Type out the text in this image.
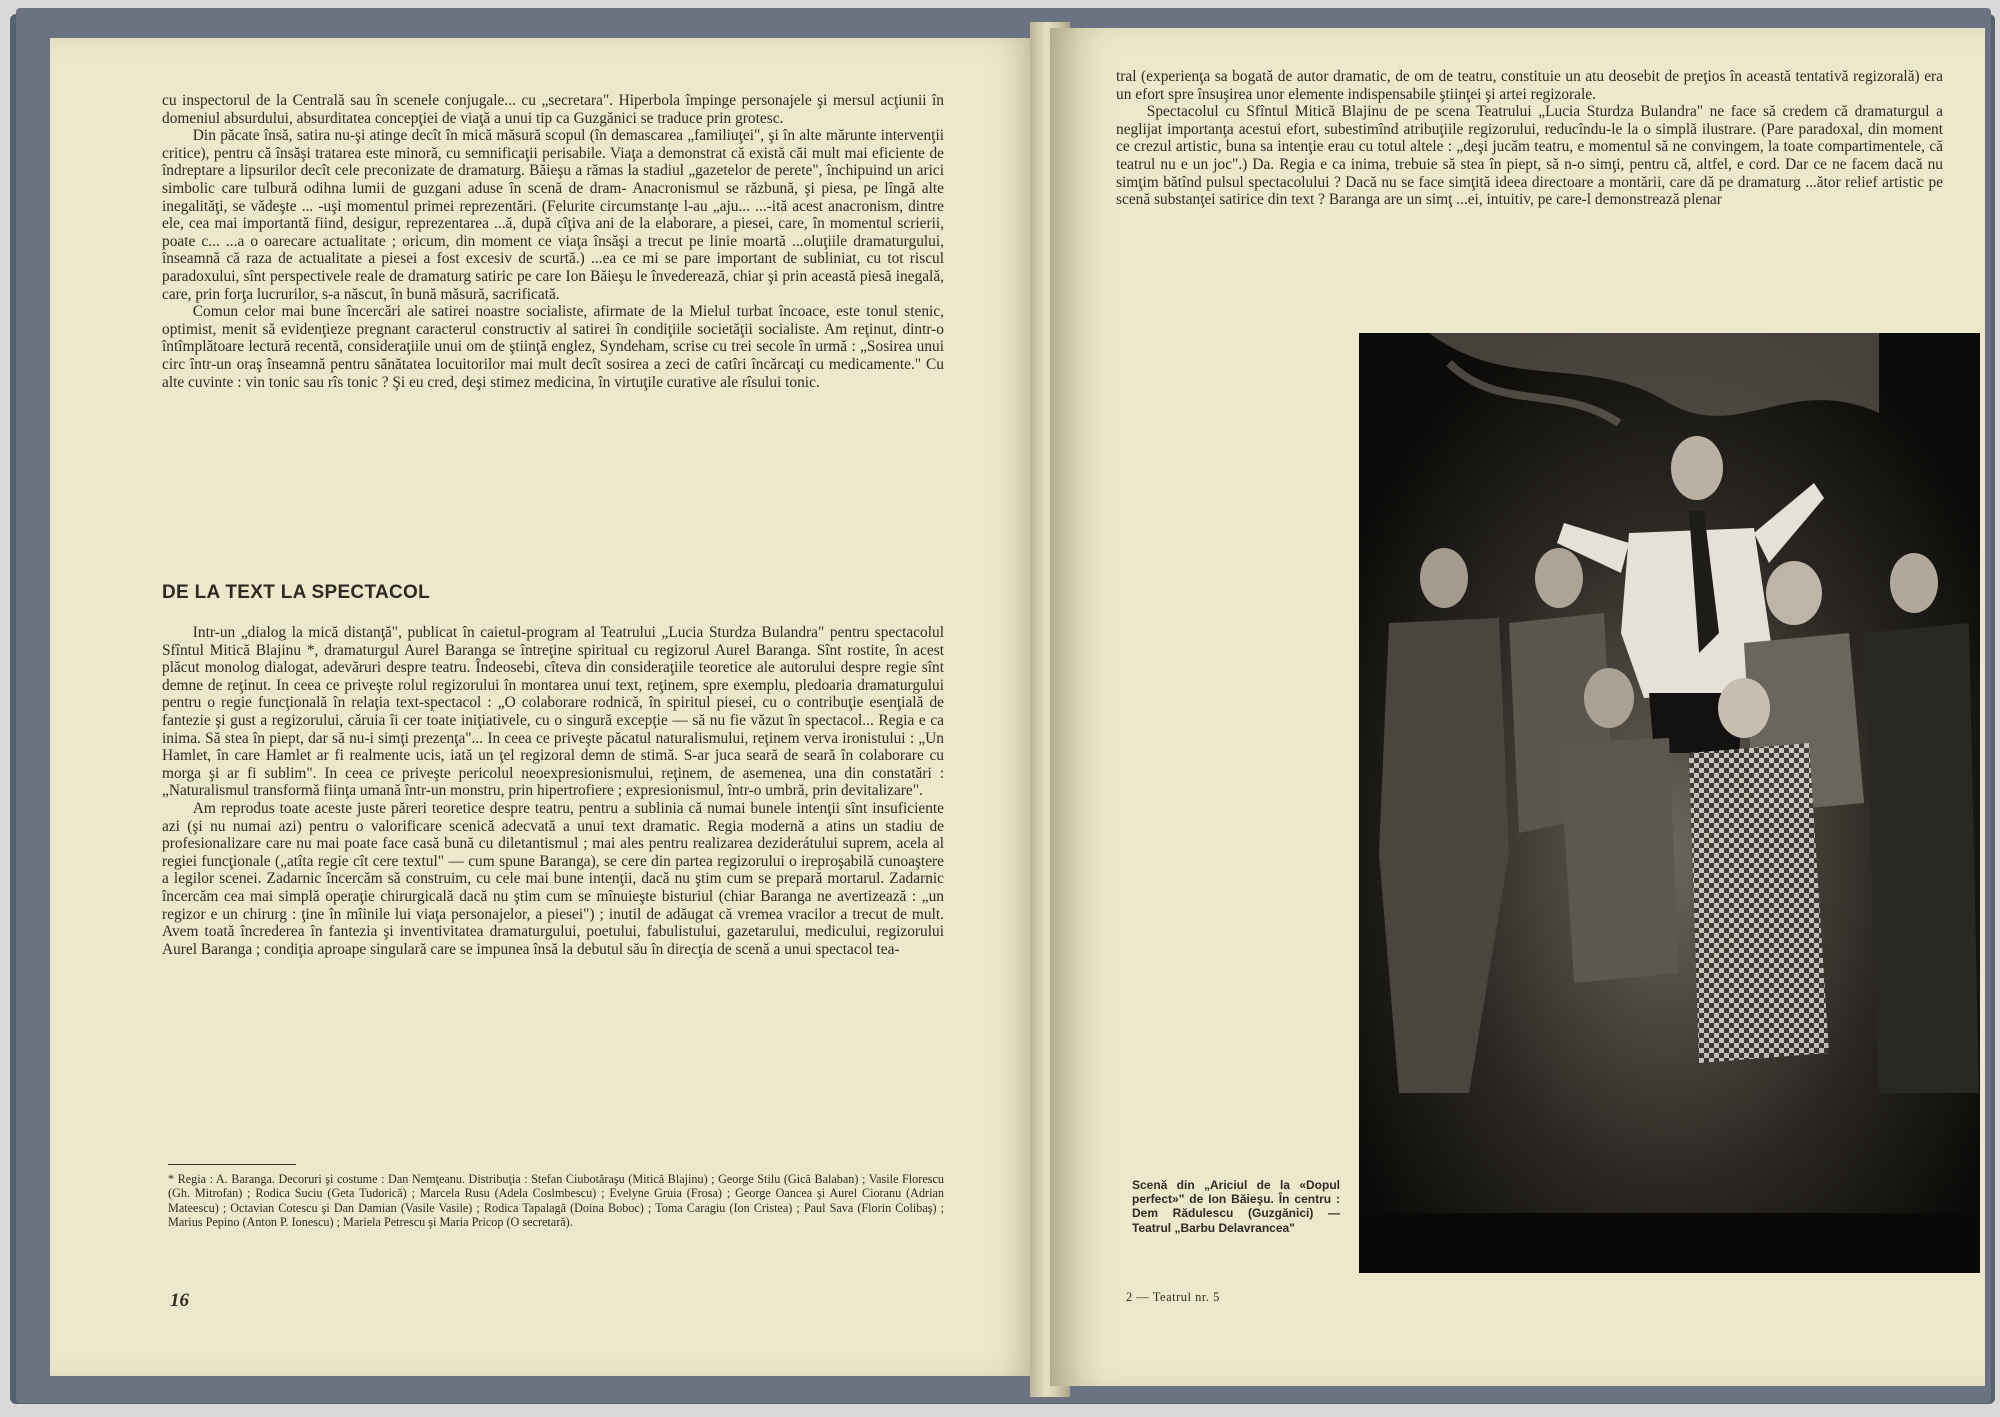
cu inspectorul de la Centrală sau în scenele conjugale... cu „secretara". Hiperbola împinge personajele şi mersul acţiunii în domeniul absurdului, absurditatea concepţiei de viaţă a unui tip ca Guzgănici se traduce prin grotesc.

Din păcate însă, satira nu-şi atinge decît în mică măsură scopul (în demascarea „familiuţei", şi în alte mărunte intervenţii critice), pentru că însăşi tratarea este minoră, cu semnificaţii perisabile. Viaţa a demonstrat că există căi mult mai eficiente de îndreptare a lipsurilor decît cele preconizate de dramaturg. Băieşu a rămas la stadiul „gazetelor de perete", închipuind un arici simbolic care tulbură odihna lumii de guzgani aduse în scenă de dram- Anacronismul se răzbună, şi piesa, pe lîngă alte inegalităţi, se vădeşte ... -uşi momentul primei reprezentări. (Felurite circumstanţe l-au „aju... ...-ită acest anacronism, dintre ele, cea mai importantă fiind, desigur, reprezentarea ...ă, după cîţiva ani de la elaborare, a piesei, care, în momentul scrierii, poate c... ...a o oarecare actualitate ; oricum, din moment ce viaţa însăşi a trecut pe linie moartă ...oluţiile dramaturgului, înseamnă că raza de actualitate a piesei a fost excesiv de scurtă.) ...ea ce mi se pare important de subliniat, cu tot riscul paradoxului, sînt perspectivele reale de dramaturg satiric pe care Ion Băieşu le învederează, chiar şi prin această piesă inegală, care, prin forţa lucrurilor, s-a născut, în bună măsură, sacrificată.

Comun celor mai bune încercări ale satirei noastre socialiste, afirmate de la Mielul turbat încoace, este tonul stenic, optimist, menit să evidenţieze pregnant caracterul constructiv al satirei în condiţiile societăţii socialiste. Am reţinut, dintr-o întîmplătoare lectură recentă, consideraţiile unui om de ştiinţă englez, Syndeham, scrise cu trei secole în urmă : „Sosirea unui circ într-un oraş înseamnă pentru sănătatea locuitorilor mai mult decît sosirea a zeci de catîri încărcaţi cu medicamente." Cu alte cuvinte : vin tonic sau rîs tonic ? Şi eu cred, deşi stimez medicina, în virtuţile curative ale rîsului tonic.

DE LA TEXT LA SPECTACOL

Intr-un „dialog la mică distanţă", publicat în caietul-program al Teatrului „Lucia Sturdza Bulandra" pentru spectacolul Sfîntul Mitică Blajinu *, dramaturgul Aurel Baranga se întreţine spiritual cu regizorul Aurel Baranga. Sînt rostite, în acest plăcut monolog dialogat, adevăruri despre teatru. Îndeosebi, cîteva din consideraţiile teoretice ale autorului despre regie sînt demne de reţinut. In ceea ce priveşte rolul regizorului în montarea unui text, reţinem, spre exemplu, pledoaria dramaturgului pentru o regie funcţională în relaţia text-spectacol : „O colaborare rodnică, în spiritul piesei, cu o contribuţie esenţială de fantezie şi gust a regizorului, căruia îi cer toate iniţiativele, cu o singură excepţie — să nu fie văzut în spectacol... Regia e ca inima. Să stea în piept, dar să nu-i simţi prezenţa"... In ceea ce priveşte păcatul naturalismului, reţinem verva ironistului : „Un Hamlet, în care Hamlet ar fi realmente ucis, iată un ţel regizoral demn de stimă. S-ar juca seară de seară în colaborare cu morga şi ar fi sublim". In ceea ce priveşte pericolul neoexpresionismului, reţinem, de asemenea, una din constatări : „Naturalismul transformă fiinţa umană într-un monstru, prin hipertrofiere ; expresionismul, într-o umbră, prin devitalizare".

Am reprodus toate aceste juste păreri teoretice despre teatru, pentru a sublinia că numai bunele intenţii sînt insuficiente azi (şi nu numai azi) pentru o valorificare scenică adecvată a unui text dramatic. Regia modernă a atins un stadiu de profesionalizare care nu mai poate face casă bună cu diletantismul ; mai ales pentru realizarea deziderátului suprem, acela al regiei funcţionale („atîta regie cît cere textul" — cum spune Baranga), se cere din partea regizorului o ireproşabilă cunoaştere a legilor scenei. Zadarnic încercăm să construim, cu cele mai bune intenţii, dacă nu ştim cum se prepară mortarul. Zadarnic încercăm cea mai simplă operaţie chirurgicală dacă nu ştim cum se mînuieşte bisturiul (chiar Baranga ne avertizează : „un regizor e un chirurg : ţine în mîinile lui viaţa personajelor, a piesei") ; inutil de adăugat că vremea vracilor a trecut de mult. Avem toată încrederea în fantezia şi inventivitatea dramaturgului, poetului, fabulistului, gazetarului, medicului, regizorului Aurel Baranga ; condiţia aproape singulară care se impunea însă la debutul său în direcţia de scenă a unui spectacol tea-

* Regia : A. Baranga. Decoruri şi costume : Dan Nemţeanu. Distribuţia : Stefan Ciubotăraşu (Mitică Blajinu) ; George Stilu (Gică Balaban) ; Vasile Florescu (Gh. Mitrofan) ; Rodica Suciu (Geta Tudorică) ; Marcela Rusu (Adela Coslmbescu) ; Evelyne Gruia (Frosa) ; George Oancea şi Aurel Cioranu (Adrian Mateescu) ; Octavian Cotescu şi Dan Damian (Vasile Vasile) ; Rodica Tapalagă (Doina Boboc) ; Toma Caragiu (Ion Cristea) ; Paul Sava (Florin Colibaş) ; Marius Pepino (Anton P. Ionescu) ; Mariela Petrescu şi Maria Pricop (O secretară).
16

tral (experienţa sa bogată de autor dramatic, de om de teatru, constituie un atu deosebit de preţios în această tentativă regizorală) era un efort spre însuşirea unor elemente indispensabile ştiinţei şi artei regizorale.

Spectacolul cu Sfîntul Mitică Blajinu de pe scena Teatrului „Lucia Sturdza Bulandra" ne face să credem că dramaturgul a neglijat importanţa acestui efort, subestimînd atribuţiile regizorului, reducîndu-le la o simplă ilustrare. (Pare paradoxal, din moment ce crezul artistic, buna sa intenţie erau cu totul altele : „deşi jucăm teatru, e momentul să ne convingem, la toate compartimentele, că teatrul nu e un joc".) Da. Regia e ca inima, trebuie să stea în piept, să n-o simţi, pentru că, altfel, e cord. Dar ce ne facem dacă nu simţim bătînd pulsul spectacolului ? Dacă nu se face simţită ideea directoare a montării, care dă pe dramaturg ...ător relief artistic pe scenă substanţei satirice din text ? Baranga are un simţ ...ei, intuitiv, pe care-l demonstrează plenar

Scenă din „Ariciul de la «Dopul perfect»" de Ion Băieşu. În centru : Dem Rădulescu (Guzgănici) — Teatrul „Barbu Delavrancea"
2 — Teatrul nr. 5
